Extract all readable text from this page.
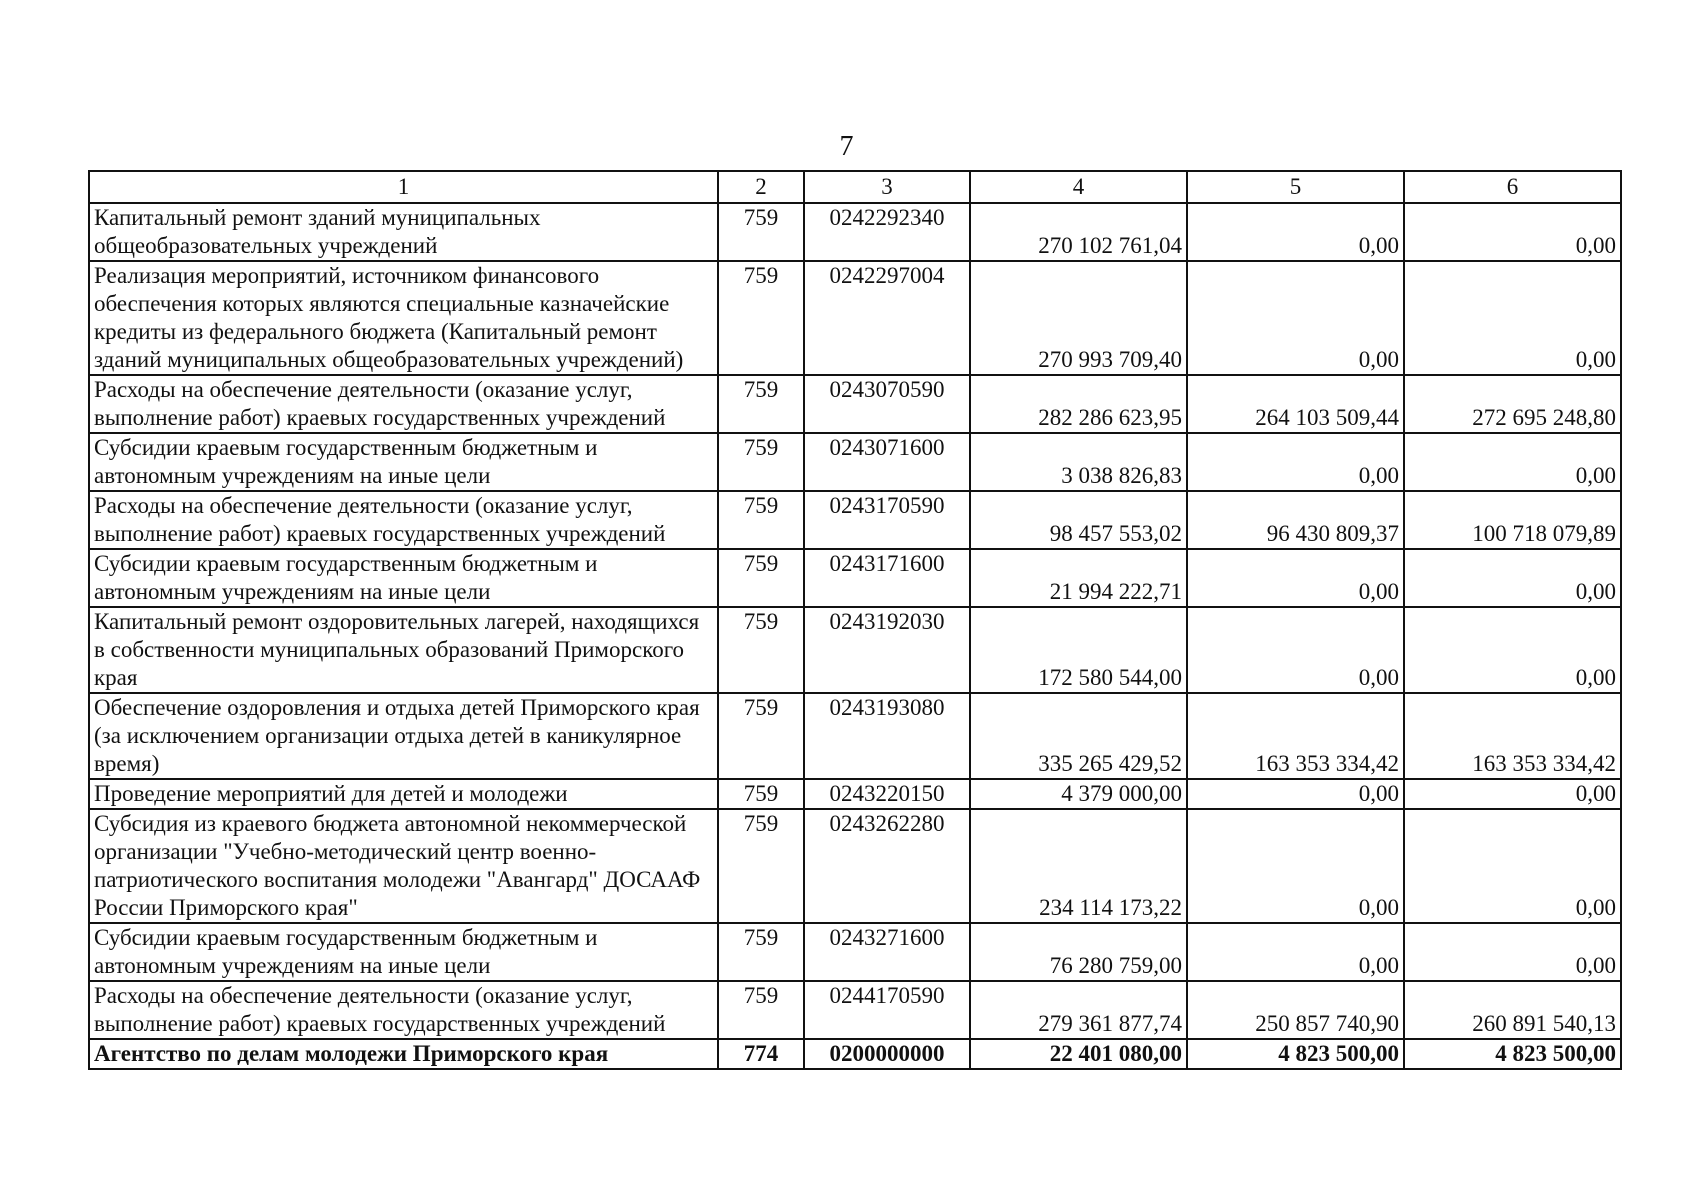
7
1	2	3	4	5	6
Капитальный ремонт зданий муниципальных общеобразовательных учреждений	759	0242292340	270 102 761,04	0,00	0,00
Реализация мероприятий, источником финансового обеспечения которых являются специальные казначейские кредиты из федерального бюджета (Капитальный ремонт зданий муниципальных общеобразовательных учреждений)	759	0242297004	270 993 709,40	0,00	0,00
Расходы на обеспечение деятельности (оказание услуг, выполнение работ) краевых государственных учреждений	759	0243070590	282 286 623,95	264 103 509,44	272 695 248,80
Субсидии краевым государственным бюджетным и автономным учреждениям на иные цели	759	0243071600	3 038 826,83	0,00	0,00
Расходы на обеспечение деятельности (оказание услуг, выполнение работ) краевых государственных учреждений	759	0243170590	98 457 553,02	96 430 809,37	100 718 079,89
Субсидии краевым государственным бюджетным и автономным учреждениям на иные цели	759	0243171600	21 994 222,71	0,00	0,00
Капитальный ремонт оздоровительных лагерей, находящихся в собственности муниципальных образований Приморского края	759	0243192030	172 580 544,00	0,00	0,00
Обеспечение оздоровления и отдыха детей Приморского края (за исключением организации отдыха детей в каникулярное время)	759	0243193080	335 265 429,52	163 353 334,42	163 353 334,42
Проведение мероприятий для детей и молодежи	759	0243220150	4 379 000,00	0,00	0,00
Субсидия из краевого бюджета автономной некоммерческой организации "Учебно-методический центр военно-патриотического воспитания молодежи "Авангард" ДОСААФ России Приморского края"	759	0243262280	234 114 173,22	0,00	0,00
Субсидии краевым государственным бюджетным и автономным учреждениям на иные цели	759	0243271600	76 280 759,00	0,00	0,00
Расходы на обеспечение деятельности (оказание услуг, выполнение работ) краевых государственных учреждений	759	0244170590	279 361 877,74	250 857 740,90	260 891 540,13
Агентство по делам молодежи Приморского края	774	0200000000	22 401 080,00	4 823 500,00	4 823 500,00
